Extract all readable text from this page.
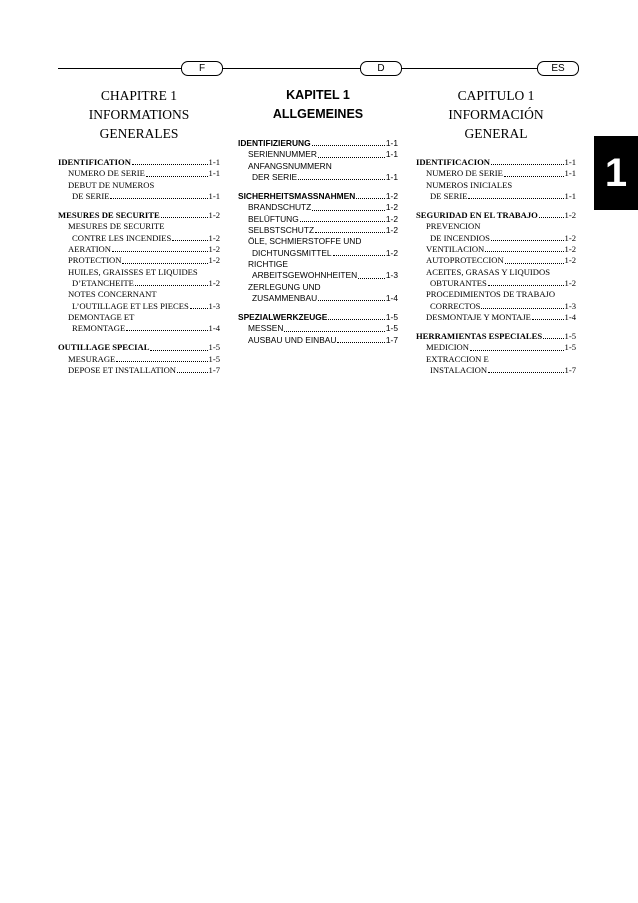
F	D	ES
CHAPITRE 1
INFORMATIONS
GENERALES
IDENTIFICATION	1-1
NUMERO DE SERIE	1-1
DEBUT DE NUMEROS
DE SERIE	1-1
MESURES DE SECURITE	1-2
MESURES DE SECURITE
CONTRE LES INCENDIES	1-2
AERATION	1-2
PROTECTION	1-2
HUILES, GRAISSES ET LIQUIDES
D’ETANCHEITE	1-2
NOTES CONCERNANT
L’OUTILLAGE ET LES PIECES 1-3
DEMONTAGE ET
REMONTAGE	1-4
OUTILLAGE SPECIAL	1-5
MESURAGE	1-5
DEPOSE ET INSTALLATION	1-7
KAPITEL 1
ALLGEMEINES
IDENTIFIZIERUNG	1-1
SERIENNUMMER	1-1
ANFANGSNUMMERN
DER SERIE	1-1
SICHERHEITSMASSNAHMEN	1-2
BRANDSCHUTZ	1-2
BELÜFTUNG	1-2
SELBSTSCHUTZ	1-2
ÖLE, SCHMIERSTOFFE UND
DICHTUNGSMITTEL	1-2
RICHTIGE
ARBEITSGEWOHNHEITEN	1-3
ZERLEGUNG UND
ZUSAMMENBAU	1-4
SPEZIALWERKZEUGE	1-5
MESSEN	1-5
AUSBAU UND EINBAU	1-7
CAPITULO 1
INFORMACIÓN
GENERAL
IDENTIFICACION	1-1
NUMERO DE SERIE	1-1
NUMEROS INICIALES
DE SERIE	1-1
SEGURIDAD EN EL TRABAJO	1-2
PREVENCION
DE INCENDIOS	1-2
VENTILACION	1-2
AUTOPROTECCION	1-2
ACEITES, GRASAS Y LIQUIDOS
OBTURANTES	1-2
PROCEDIMIENTOS DE TRABAJO
CORRECTOS	1-3
DESMONTAJE Y MONTAJE	1-4
HERRAMIENTAS ESPECIALES	1-5
MEDICION	1-5
EXTRACCION E
INSTALACION	1-7
1
